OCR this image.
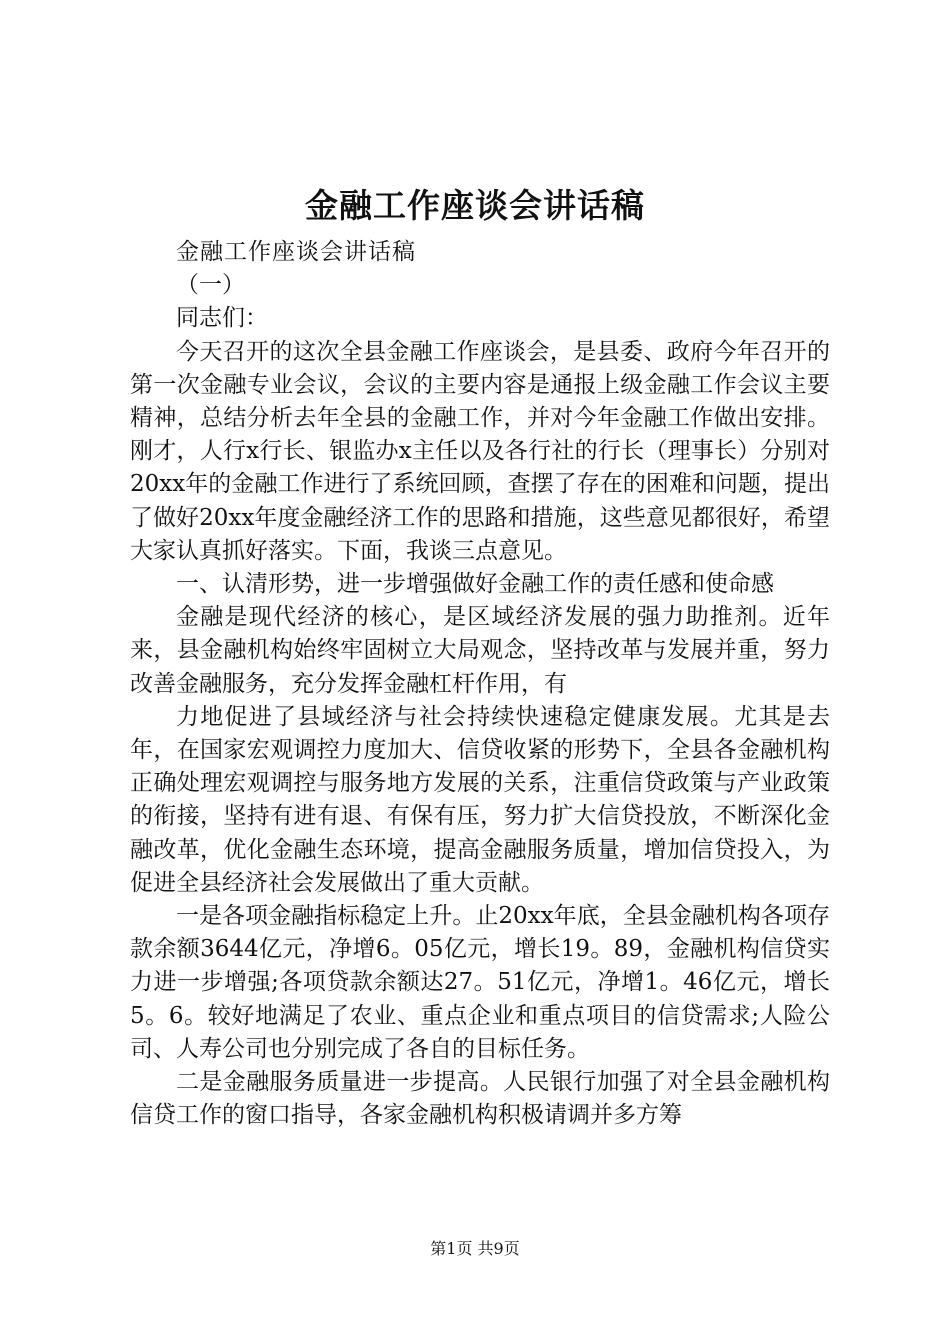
金融工作座谈会讲话稿

金融工作座谈会讲话稿

（一）

同志们：

今天召开的这次全县金融工作座谈会，是县委、政府今年召开的第一次金融专业会议，会议的主要内容是通报上级金融工作会议主要精神，总结分析去年全县的金融工作，并对今年金融工作做出安排。刚才，人行x行长、银监办x主任以及各行社的行长（理事长）分别对20xx年的金融工作进行了系统回顾，查摆了存在的困难和问题，提出了做好20xx年度金融经济工作的思路和措施，这些意见都很好，希望大家认真抓好落实。下面，我谈三点意见。

一、认清形势，进一步增强做好金融工作的责任感和使命感

金融是现代经济的核心，是区域经济发展的强力助推剂。近年来，县金融机构始终牢固树立大局观念，坚持改革与发展并重，努力改善金融服务，充分发挥金融杠杆作用，有

力地促进了县域经济与社会持续快速稳定健康发展。尤其是去年，在国家宏观调控力度加大、信贷收紧的形势下，全县各金融机构正确处理宏观调控与服务地方发展的关系，注重信贷政策与产业政策的衔接，坚持有进有退、有保有压，努力扩大信贷投放，不断深化金融改革，优化金融生态环境，提高金融服务质量，增加信贷投入，为促进全县经济社会发展做出了重大贡献。

一是各项金融指标稳定上升。止20xx年底，全县金融机构各项存款余额3644亿元，净增6。05亿元，增长19。89，金融机构信贷实力进一步增强;各项贷款余额达27。51亿元，净增1。46亿元，增长5。6。较好地满足了农业、重点企业和重点项目的信贷需求;人险公司、人寿公司也分别完成了各自的目标任务。

二是金融服务质量进一步提高。人民银行加强了对全县金融机构信贷工作的窗口指导，各家金融机构积极请调并多方筹

第1页 共9页
